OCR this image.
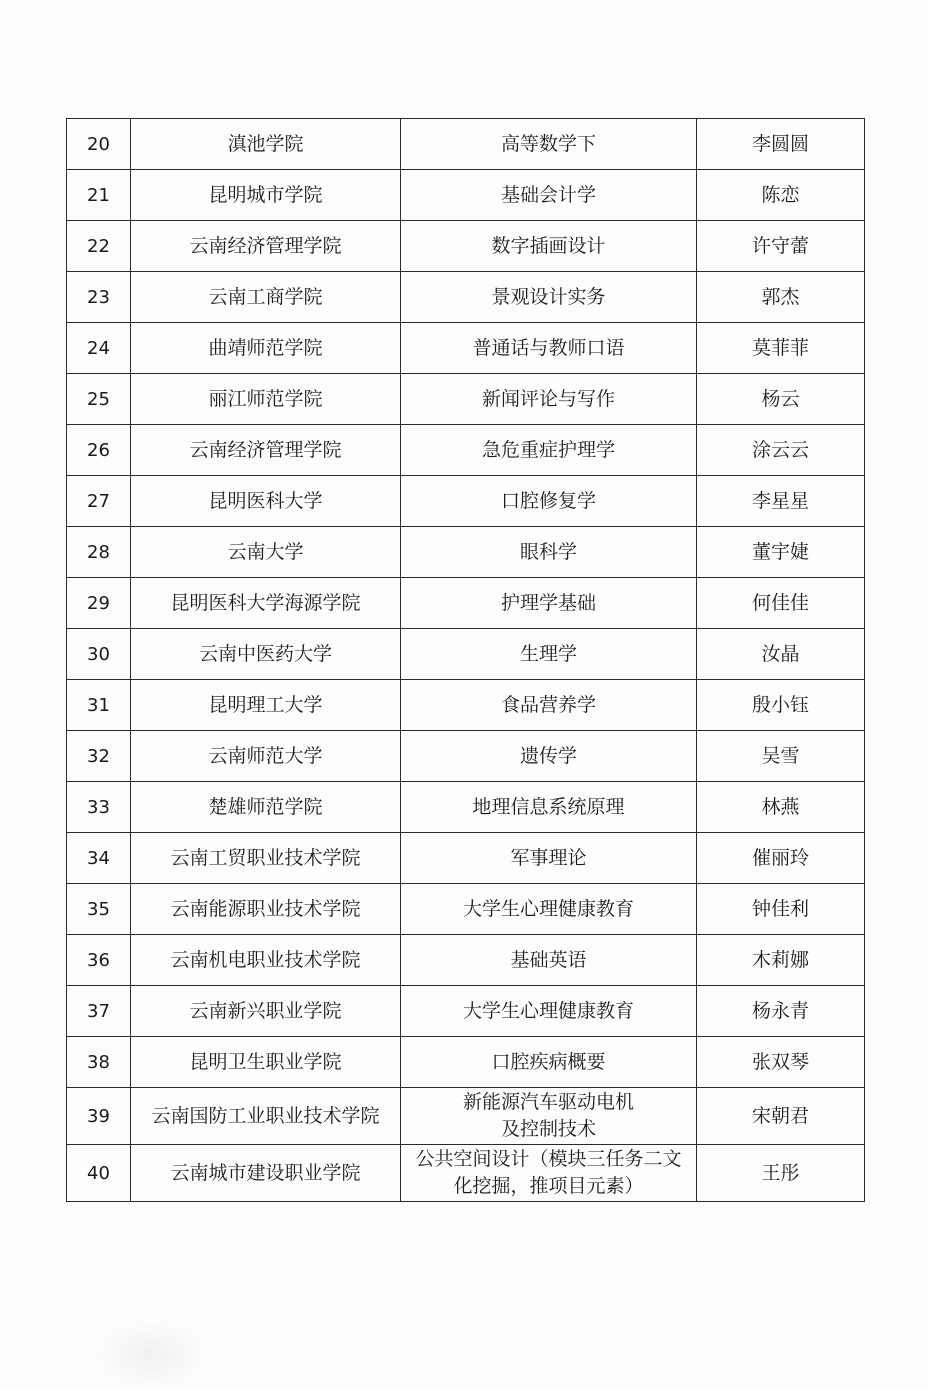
20	滇池学院	高等数学下	李圆圆
21	昆明城市学院	基础会计学	陈恋
22	云南经济管理学院	数字插画设计	许守蕾
23	云南工商学院	景观设计实务	郭杰
24	曲靖师范学院	普通话与教师口语	莫菲菲
25	丽江师范学院	新闻评论与写作	杨云
26	云南经济管理学院	急危重症护理学	涂云云
27	昆明医科大学	口腔修复学	李星星
28	云南大学	眼科学	董宇婕
29	昆明医科大学海源学院	护理学基础	何佳佳
30	云南中医药大学	生理学	汝晶
31	昆明理工大学	食品营养学	殷小钰
32	云南师范大学	遗传学	吴雪
33	楚雄师范学院	地理信息系统原理	林燕
34	云南工贸职业技术学院	军事理论	催丽玲
35	云南能源职业技术学院	大学生心理健康教育	钟佳利
36	云南机电职业技术学院	基础英语	木莉娜
37	云南新兴职业学院	大学生心理健康教育	杨永青
38	昆明卫生职业学院	口腔疾病概要	张双琴
39	云南国防工业职业技术学院	新能源汽车驱动电机
及控制技术	宋朝君
40	云南城市建设职业学院	公共空间设计（模块三任务二文
化挖掘，推项目元素）	王彤
